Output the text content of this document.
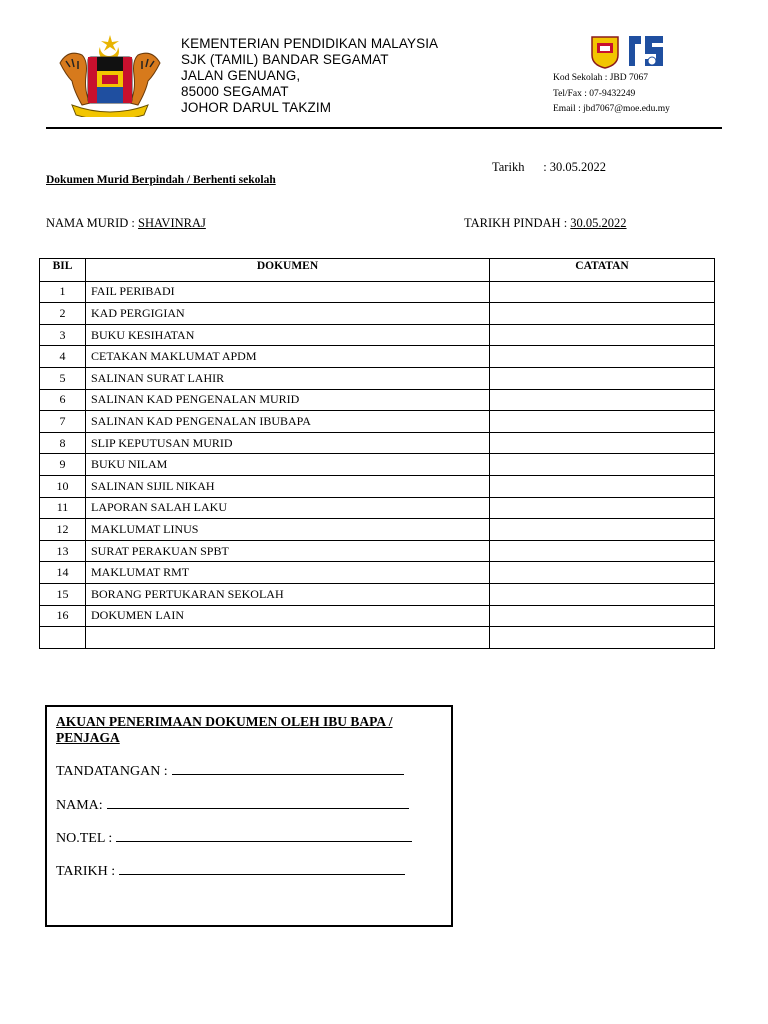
KEMENTERIAN PENDIDIKAN MALAYSIA
SJK (TAMIL) BANDAR SEGAMAT
JALAN GENUANG,
85000 SEGAMAT
JOHOR DARUL TAKZIM
Kod Sekolah : JBD 7067
Tel/Fax : 07-9432249
Email : jbd7067@moe.edu.my
Tarikh : 30.05.2022
Dokumen Murid Berpindah / Berhenti sekolah
NAMA MURID : SHAVINRAJ	TARIKH PINDAH : 30.05.2022
BIL	DOKUMEN	CATATAN
1	FAIL PERIBADI	
2	KAD PERGIGIAN	
3	BUKU KESIHATAN	
4	CETAKAN MAKLUMAT APDM	
5	SALINAN SURAT LAHIR	
6	SALINAN KAD PENGENALAN MURID	
7	SALINAN KAD PENGENALAN IBUBAPA	
8	SLIP KEPUTUSAN MURID	
9	BUKU NILAM	
10	SALINAN SIJIL NIKAH	
11	LAPORAN SALAH LAKU	
12	MAKLUMAT LINUS	
13	SURAT PERAKUAN SPBT	
14	MAKLUMAT RMT	
15	BORANG PERTUKARAN SEKOLAH	
16	DOKUMEN LAIN	

AKUAN PENERIMAAN DOKUMEN OLEH IBU BAPA / PENJAGA
TANDATANGAN :
NAMA:
NO.TEL :
TARIKH :
